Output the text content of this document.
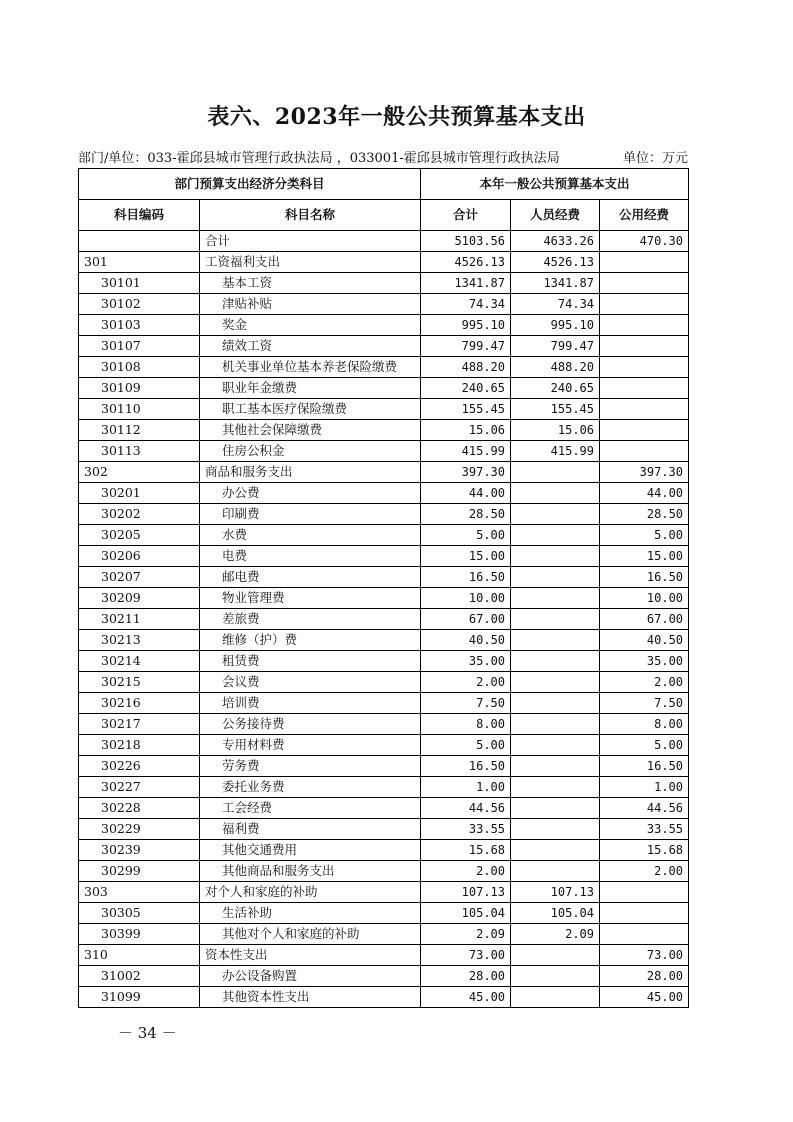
表六、2023年一般公共预算基本支出
部门/单位：033-霍邱县城市管理行政执法局 ，033001-霍邱县城市管理行政执法局	单位：万元
部门预算支出经济分类科目		本年一般公共预算基本支出		
科目编码	科目名称	合计	人员经费	公用经费
	合计	5103.56	4633.26	470.30
301	工资福利支出	4526.13	4526.13	
30101	基本工资	1341.87	1341.87	
30102	津贴补贴	74.34	74.34	
30103	奖金	995.10	995.10	
30107	绩效工资	799.47	799.47	
30108	机关事业单位基本养老保险缴费	488.20	488.20	
30109	职业年金缴费	240.65	240.65	
30110	职工基本医疗保险缴费	155.45	155.45	
30112	其他社会保障缴费	15.06	15.06	
30113	住房公积金	415.99	415.99	
302	商品和服务支出	397.30		397.30
30201	办公费	44.00		44.00
30202	印刷费	28.50		28.50
30205	水费	5.00		5.00
30206	电费	15.00		15.00
30207	邮电费	16.50		16.50
30209	物业管理费	10.00		10.00
30211	差旅费	67.00		67.00
30213	维修（护）费	40.50		40.50
30214	租赁费	35.00		35.00
30215	会议费	2.00		2.00
30216	培训费	7.50		7.50
30217	公务接待费	8.00		8.00
30218	专用材料费	5.00		5.00
30226	劳务费	16.50		16.50
30227	委托业务费	1.00		1.00
30228	工会经费	44.56		44.56
30229	福利费	33.55		33.55
30239	其他交通费用	15.68		15.68
30299	其他商品和服务支出	2.00		2.00
303	对个人和家庭的补助	107.13	107.13	
30305	生活补助	105.04	105.04	
30399	其他对个人和家庭的补助	2.09	2.09	
310	资本性支出	73.00		73.00
31002	办公设备购置	28.00		28.00
31099	其他资本性支出	45.00		45.00
－ 34 －
